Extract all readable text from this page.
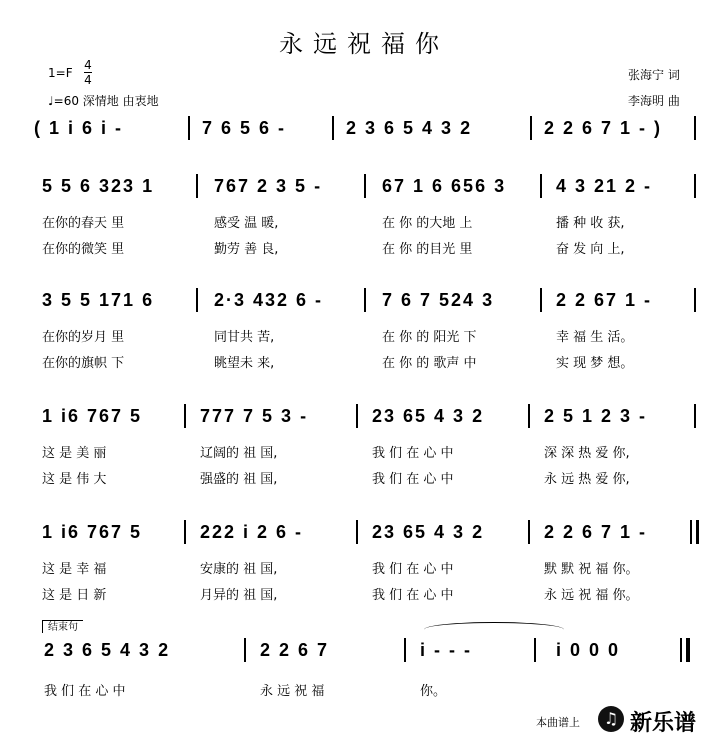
永远祝福你
1=F
4
4
♩=60 深情地 由衷地
张海宁 词
李海明 曲
( 1 i 6 i -	7 6 5 6 -	2 3 6 5 4 3 2	2 2 6 7 1 - )
5 5 6 323 1	767 2 3 5 -	67 1 6 656 3	4 3 21 2 -
在你的春天 里	感受 温 暖,	在 你 的大地 上	播 种 收 获,
在你的微笑 里	勤劳 善 良,	在 你 的目光 里	奋 发 向 上,
3 5 5 171 6	2·3 432 6 -	7 6 7 524 3	2 2 67 1 -
在你的岁月 里	同甘共 苦,	在 你 的 阳光 下	幸 福 生 活。
在你的旗帜 下	眺望未 来,	在 你 的 歌声 中	实 现 梦 想。
1 i6 767 5	777 7 5 3 -	23 65 4 3 2	2 5 1 2 3 -
这 是 美 丽	辽阔的 祖 国,	我 们 在 心 中	深 深 热 爱 你,
这 是 伟 大	强盛的 祖 国,	我 们 在 心 中	永 远 热 爱 你,
1 i6 767 5	222 i 2 6 -	23 65 4 3 2	2 2 6 7 1 -
这 是 幸 福	安康的 祖 国,	我 们 在 心 中	默 默 祝 福 你。
这 是 日 新	月异的 祖 国,	我 们 在 心 中	永 远 祝 福 你。
结束句
2 3 6 5 4 3 2	2 2 6 7	i - - -	i 0 0 0
我 们 在 心 中	永 远 祝 福	你。
本曲谱上	♫ 新乐谱
